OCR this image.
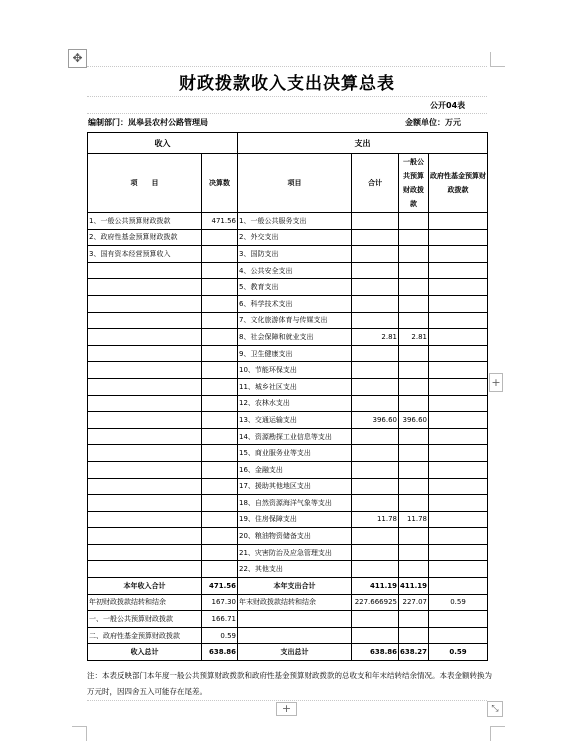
✥
财政拨款收入支出决算总表
公开04表
编制部门：岚皋县农村公路管理局	金额单位：万元
收入		支出			
项　　目	决算数	项目	合计	一般公共预算财政拨款	政府性基金预算财政拨款
1、一般公共预算财政拨款	471.56	1、一般公共服务支出			
2、政府性基金预算财政拨款		2、外交支出			
3、国有资本经营预算收入		3、国防支出			
		4、公共安全支出			
		5、教育支出			
		6、科学技术支出			
		7、文化旅游体育与传媒支出			
		8、社会保障和就业支出	2.81	2.81	
		9、卫生健康支出			
		10、节能环保支出			
		11、城乡社区支出			
		12、农林水支出			
		13、交通运输支出	396.60	396.60	
		14、资源勘探工业信息等支出			
		15、商业服务业等支出			
		16、金融支出			
		17、援助其他地区支出			
		18、自然资源海洋气象等支出			
		19、住房保障支出	11.78	11.78	
		20、粮油物资储备支出			
		21、灾害防治及应急管理支出			
		22、其他支出			
本年收入合计	471.56	本年支出合计	411.19	411.19	
年初财政拨款结转和结余	167.30	年末财政拨款结转和结余	227.666925	227.07	0.59
一、一般公共预算财政拨款	166.71				
二、政府性基金预算财政拨款	0.59				
收入总计	638.86	支出总计	638.86	638.27	0.59
注：本表反映部门本年度一般公共预算财政拨款和政府性基金预算财政拨款的总收支和年末结转结余情况。本表金额转换为万元时，因四舍五入可能存在尾差。
+
+	⤡
